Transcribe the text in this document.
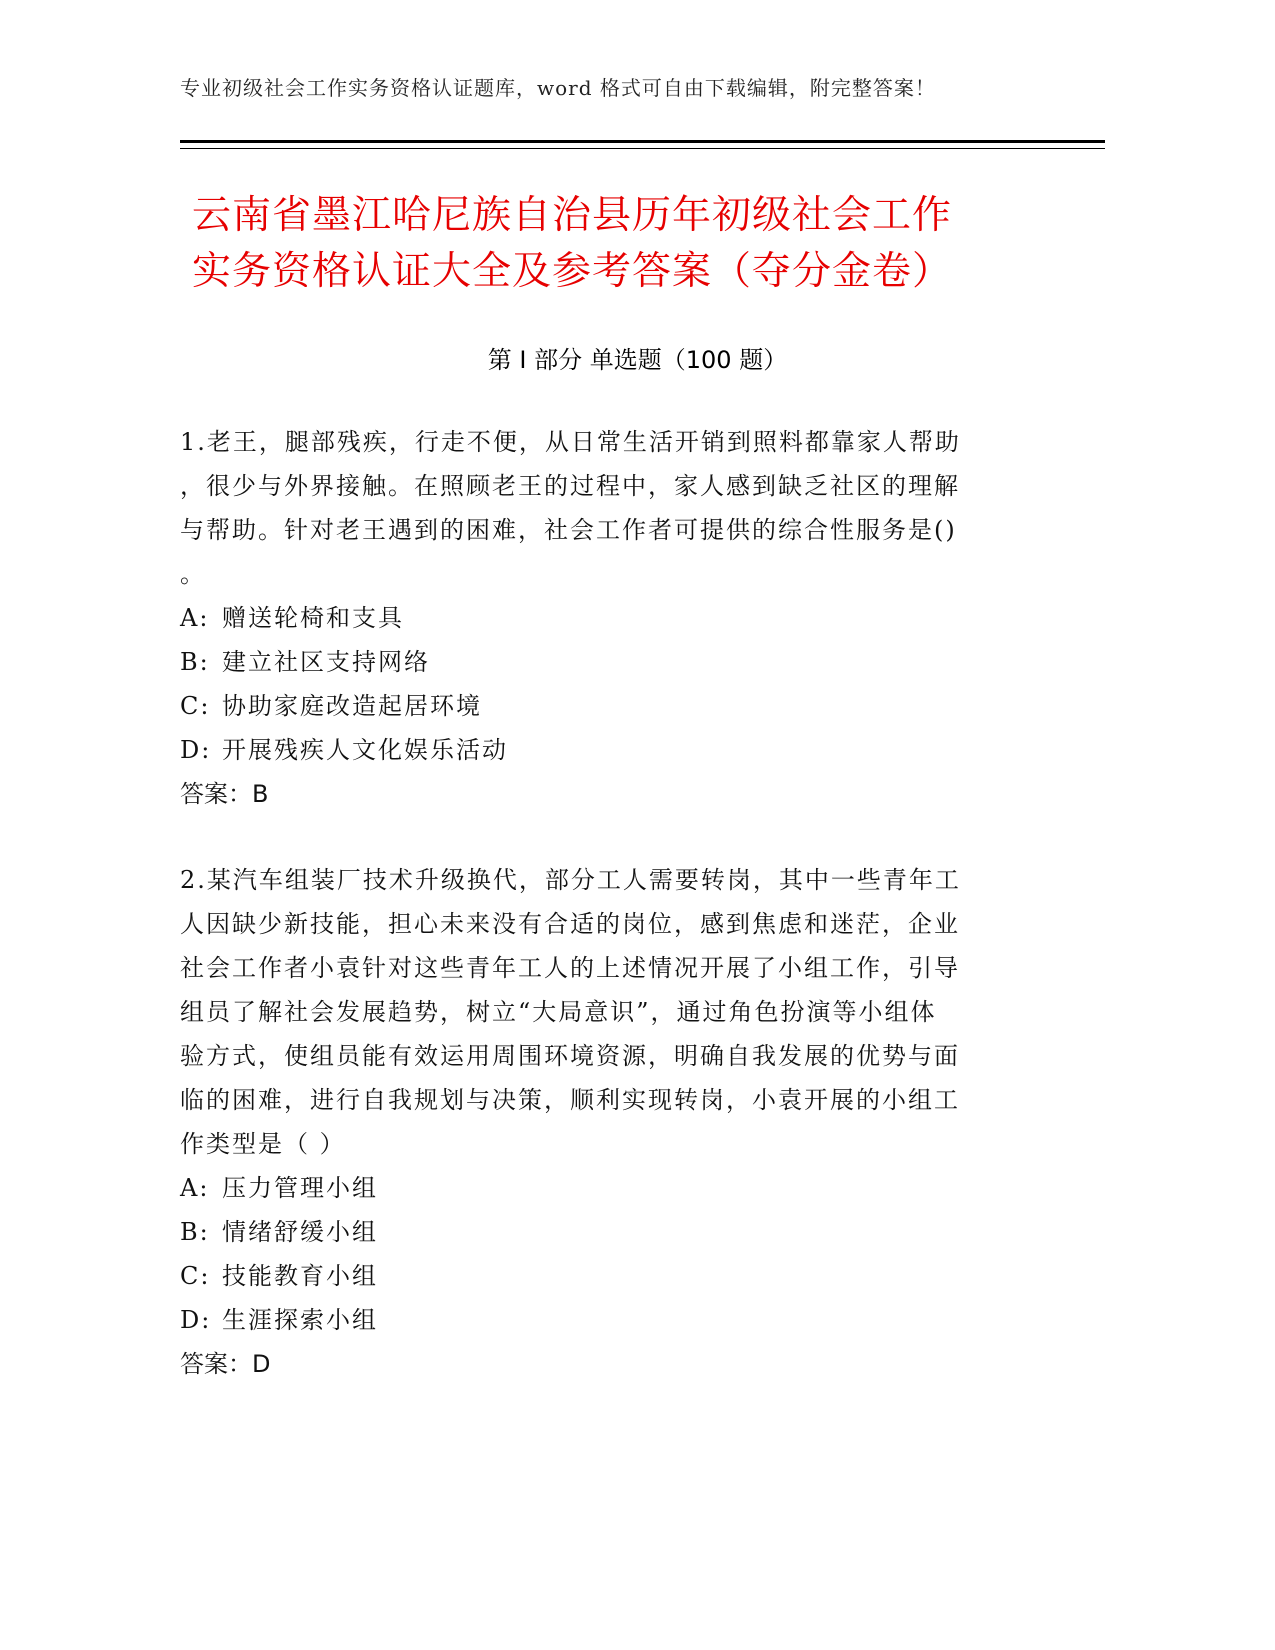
专业初级社会工作实务资格认证题库，word 格式可自由下载编辑，附完整答案！
云南省墨江哈尼族自治县历年初级社会工作
实务资格认证大全及参考答案（夺分金卷）
第 I 部分 单选题（100 题）
1.老王，腿部残疾，行走不便，从日常生活开销到照料都靠家人帮助
，很少与外界接触。在照顾老王的过程中，家人感到缺乏社区的理解
与帮助。针对老王遇到的困难，社会工作者可提供的综合性服务是()
。
A: 赠送轮椅和支具
B: 建立社区支持网络
C: 协助家庭改造起居环境
D: 开展残疾人文化娱乐活动
答案：B
2.某汽车组装厂技术升级换代，部分工人需要转岗，其中一些青年工
人因缺少新技能，担心未来没有合适的岗位，感到焦虑和迷茫，企业
社会工作者小袁针对这些青年工人的上述情况开展了小组工作，引导
组员了解社会发展趋势，树立“大局意识”，通过角色扮演等小组体
验方式，使组员能有效运用周围环境资源，明确自我发展的优势与面
临的困难，进行自我规划与决策，顺利实现转岗，小袁开展的小组工
作类型是（ ）
A: 压力管理小组
B: 情绪舒缓小组
C: 技能教育小组
D: 生涯探索小组
答案：D
